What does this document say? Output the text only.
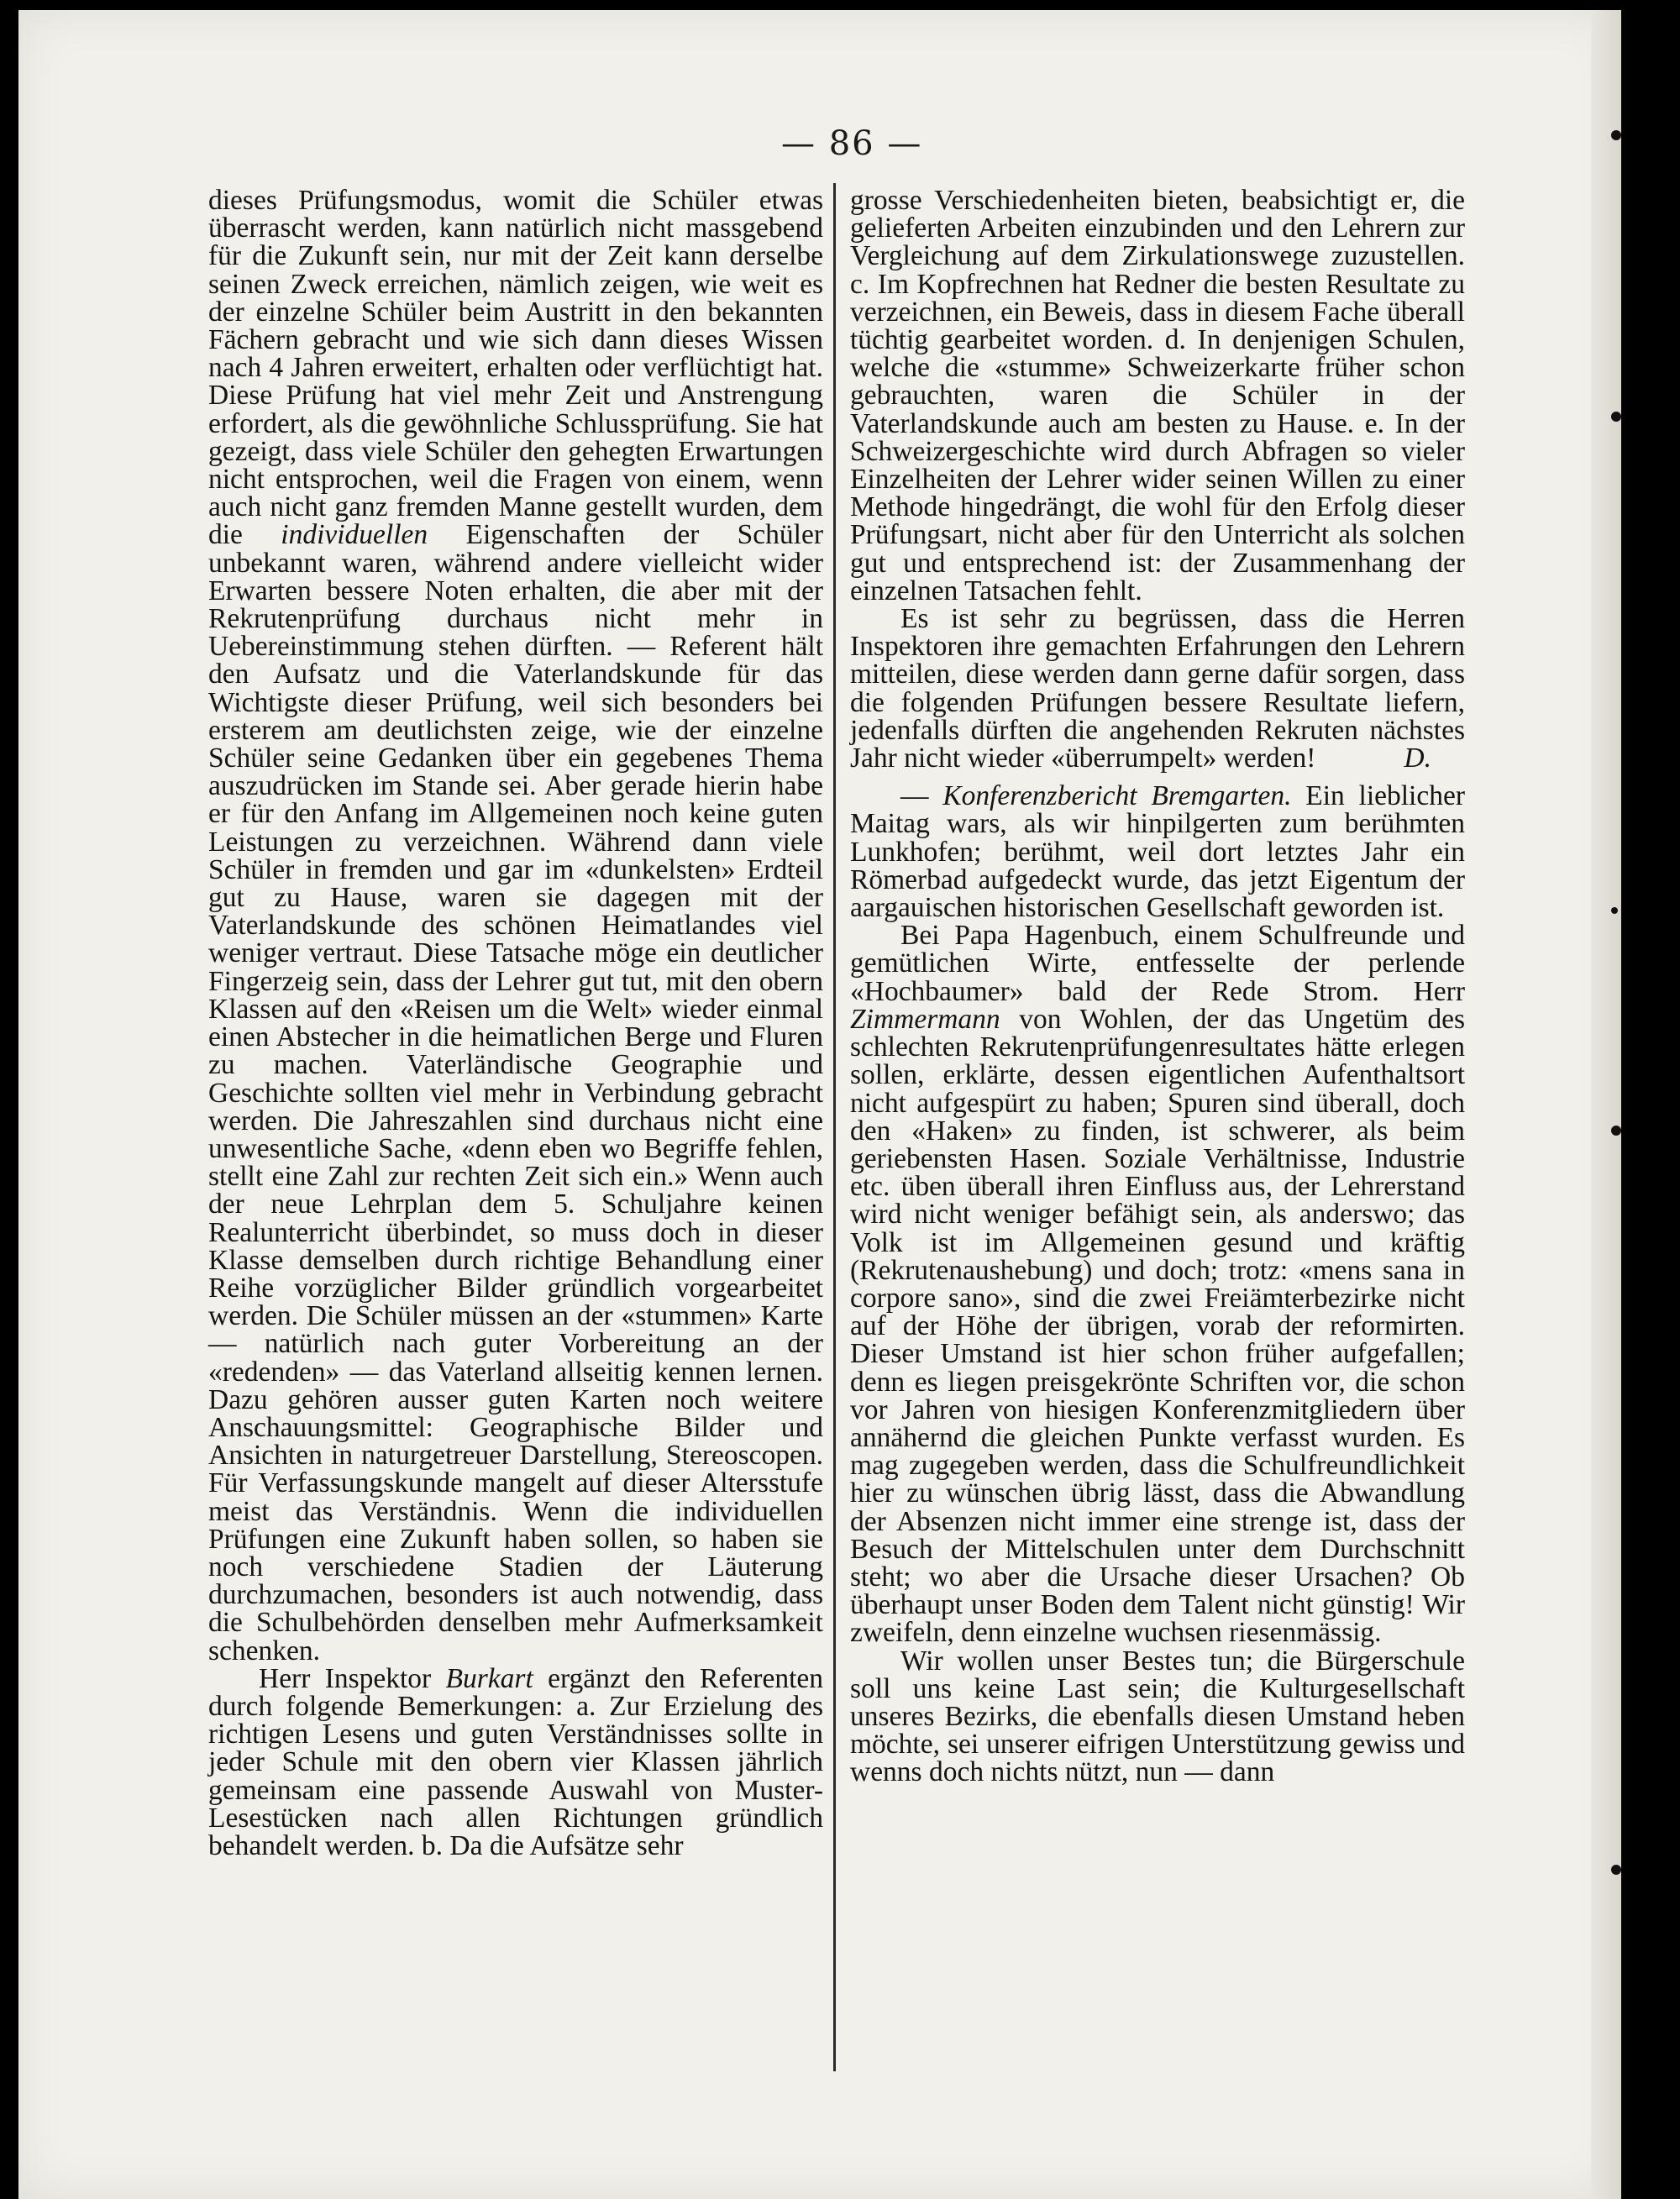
— 86 —

dieses Prüfungsmodus, womit die Schüler etwas überrascht werden, kann natürlich nicht massgebend für die Zukunft sein, nur mit der Zeit kann derselbe seinen Zweck erreichen, nämlich zeigen, wie weit es der einzelne Schüler beim Austritt in den bekannten Fächern gebracht und wie sich dann dieses Wissen nach 4 Jahren erweitert, erhalten oder verflüchtigt hat. Diese Prüfung hat viel mehr Zeit und Anstrengung erfordert, als die gewöhnliche Schlussprüfung. Sie hat gezeigt, dass viele Schüler den gehegten Erwartungen nicht entsprochen, weil die Fragen von einem, wenn auch nicht ganz fremden Manne gestellt wurden, dem die individuellen Eigenschaften der Schüler unbekannt waren, während andere vielleicht wider Erwarten bessere Noten erhalten, die aber mit der Rekrutenprüfung durchaus nicht mehr in Uebereinstimmung stehen dürften. — Referent hält den Aufsatz und die Vaterlandskunde für das Wichtigste dieser Prüfung, weil sich besonders bei ersterem am deutlichsten zeige, wie der einzelne Schüler seine Gedanken über ein gegebenes Thema auszudrücken im Stande sei. Aber gerade hierin habe er für den Anfang im Allgemeinen noch keine guten Leistungen zu verzeichnen. Während dann viele Schüler in fremden und gar im «dunkelsten» Erdteil gut zu Hause, waren sie dagegen mit der Vaterlandskunde des schönen Heimatlandes viel weniger vertraut. Diese Tatsache möge ein deutlicher Fingerzeig sein, dass der Lehrer gut tut, mit den obern Klassen auf den «Reisen um die Welt» wieder einmal einen Abstecher in die heimatlichen Berge und Fluren zu machen. Vaterländische Geographie und Geschichte sollten viel mehr in Verbindung gebracht werden. Die Jahreszahlen sind durchaus nicht eine unwesentliche Sache, «denn eben wo Begriffe fehlen, stellt eine Zahl zur rechten Zeit sich ein.» Wenn auch der neue Lehrplan dem 5. Schuljahre keinen Realunterricht überbindet, so muss doch in dieser Klasse demselben durch richtige Behandlung einer Reihe vorzüglicher Bilder gründlich vorgearbeitet werden. Die Schüler müssen an der «stummen» Karte — natürlich nach guter Vorbereitung an der «redenden» — das Vaterland allseitig kennen lernen. Dazu gehören ausser guten Karten noch weitere Anschauungsmittel: Geographische Bilder und Ansichten in naturgetreuer Darstellung, Stereoscopen. Für Verfassungskunde mangelt auf dieser Altersstufe meist das Verständnis. Wenn die individuellen Prüfungen eine Zukunft haben sollen, so haben sie noch verschiedene Stadien der Läuterung durchzumachen, besonders ist auch notwendig, dass die Schulbehörden denselben mehr Aufmerksamkeit schenken.

Herr Inspektor Burkart ergänzt den Referenten durch folgende Bemerkungen: a. Zur Erzielung des richtigen Lesens und guten Verständnisses sollte in jeder Schule mit den obern vier Klassen jährlich gemeinsam eine passende Auswahl von Muster-Lesestücken nach allen Richtungen gründlich behandelt werden. b. Da die Aufsätze sehr

grosse Verschiedenheiten bieten, beabsichtigt er, die gelieferten Arbeiten einzubinden und den Lehrern zur Vergleichung auf dem Zirkulationswege zuzustellen. c. Im Kopfrechnen hat Redner die besten Resultate zu verzeichnen, ein Beweis, dass in diesem Fache überall tüchtig gearbeitet worden. d. In denjenigen Schulen, welche die «stumme» Schweizerkarte früher schon gebrauchten, waren die Schüler in der Vaterlandskunde auch am besten zu Hause. e. In der Schweizergeschichte wird durch Abfragen so vieler Einzelheiten der Lehrer wider seinen Willen zu einer Methode hingedrängt, die wohl für den Erfolg dieser Prüfungsart, nicht aber für den Unterricht als solchen gut und entsprechend ist: der Zusammenhang der einzelnen Tatsachen fehlt.

Es ist sehr zu begrüssen, dass die Herren Inspektoren ihre gemachten Erfahrungen den Lehrern mitteilen, diese werden dann gerne dafür sorgen, dass die folgenden Prüfungen bessere Resultate liefern, jedenfalls dürften die angehenden Rekruten nächstes Jahr nicht wieder «überrumpelt» werden!	D.

— Konferenzbericht Bremgarten. Ein lieblicher Maitag wars, als wir hinpilgerten zum berühmten Lunkhofen; berühmt, weil dort letztes Jahr ein Römerbad aufgedeckt wurde, das jetzt Eigentum der aargauischen historischen Gesellschaft geworden ist.

Bei Papa Hagenbuch, einem Schulfreunde und gemütlichen Wirte, entfesselte der perlende «Hochbaumer» bald der Rede Strom. Herr Zimmermann von Wohlen, der das Ungetüm des schlechten Rekrutenprüfungenresultates hätte erlegen sollen, erklärte, dessen eigentlichen Aufenthaltsort nicht aufgespürt zu haben; Spuren sind überall, doch den «Haken» zu finden, ist schwerer, als beim geriebensten Hasen. Soziale Verhältnisse, Industrie etc. üben überall ihren Einfluss aus, der Lehrerstand wird nicht weniger befähigt sein, als anderswo; das Volk ist im Allgemeinen gesund und kräftig (Rekrutenaushebung) und doch; trotz: «mens sana in corpore sano», sind die zwei Freiämterbezirke nicht auf der Höhe der übrigen, vorab der reformirten. Dieser Umstand ist hier schon früher aufgefallen; denn es liegen preisgekrönte Schriften vor, die schon vor Jahren von hiesigen Konferenzmitgliedern über annähernd die gleichen Punkte verfasst wurden. Es mag zugegeben werden, dass die Schulfreundlichkeit hier zu wünschen übrig lässt, dass die Abwandlung der Absenzen nicht immer eine strenge ist, dass der Besuch der Mittelschulen unter dem Durchschnitt steht; wo aber die Ursache dieser Ursachen? Ob überhaupt unser Boden dem Talent nicht günstig! Wir zweifeln, denn einzelne wuchsen riesenmässig.

Wir wollen unser Bestes tun; die Bürgerschule soll uns keine Last sein; die Kulturgesellschaft unseres Bezirks, die ebenfalls diesen Umstand heben möchte, sei unserer eifrigen Unterstützung gewiss und wenns doch nichts nützt, nun — dann
